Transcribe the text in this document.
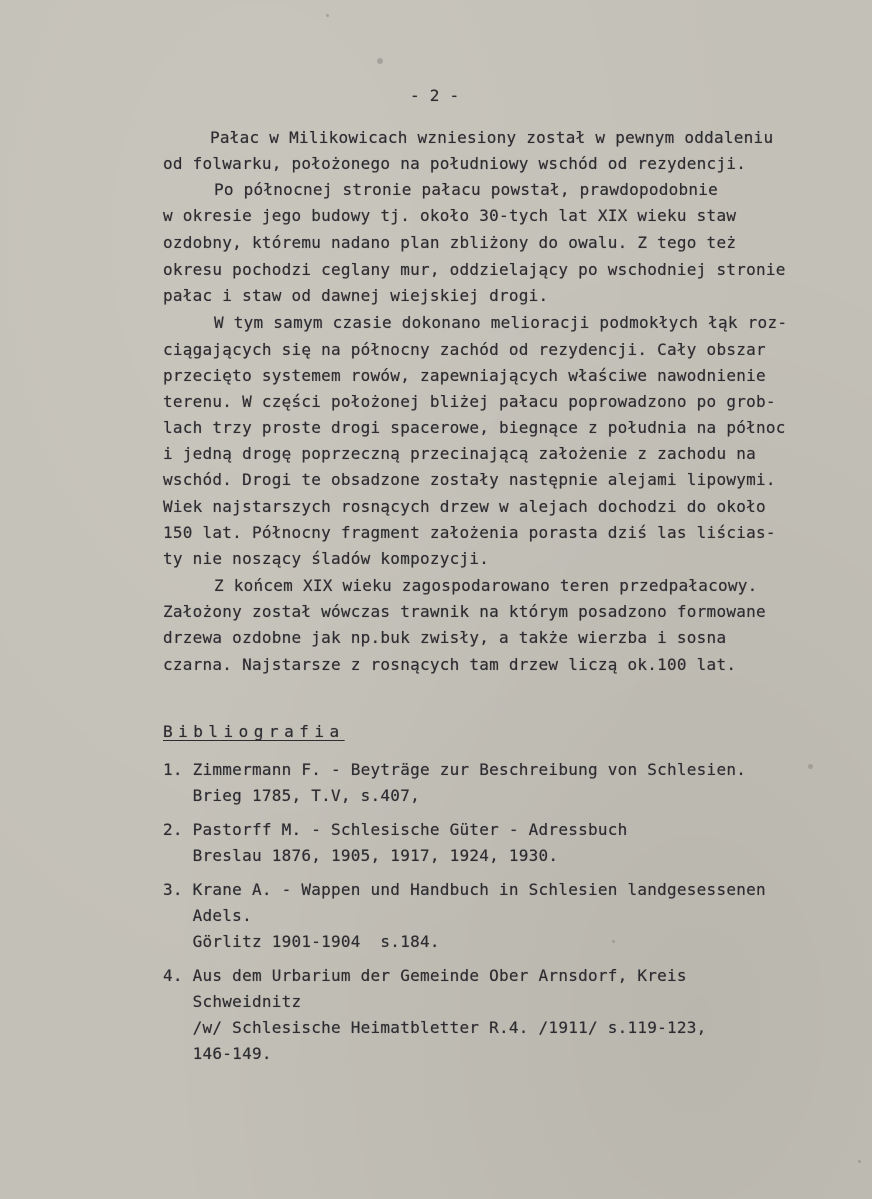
- 2 -
Pałac w Milikowicach wzniesiony został w pewnym oddaleniu
od folwarku, położonego na południowy wschód od rezydencji.
Po północnej stronie pałacu powstał, prawdopodobnie
w okresie jego budowy tj. około 30-tych lat XIX wieku staw
ozdobny, któremu nadano plan zbliżony do owalu. Z tego też
okresu pochodzi ceglany mur, oddzielający po wschodniej stronie
pałac i staw od dawnej wiejskiej drogi.
W tym samym czasie dokonano melioracji podmokłych łąk roz-
ciągających się na północny zachód od rezydencji. Cały obszar
przecięto systemem rowów, zapewniających właściwe nawodnienie
terenu. W części położonej bliżej pałacu poprowadzono po grob-
lach trzy proste drogi spacerowe, biegnące z południa na północ
i jedną drogę poprzeczną przecinającą założenie z zachodu na
wschód. Drogi te obsadzone zostały następnie alejami lipowymi.
Wiek najstarszych rosnących drzew w alejach dochodzi do około
150 lat. Północny fragment założenia porasta dziś las liścias-
ty nie noszący śladów kompozycji.
Z końcem XIX wieku zagospodarowano teren przedpałacowy.
Założony został wówczas trawnik na którym posadzono formowane
drzewa ozdobne jak np.buk zwisły, a także wierzba i sosna
czarna. Najstarsze z rosnących tam drzew liczą ok.100 lat.
Bibliografia
1. Zimmermann F. - Beyträge zur Beschreibung von Schlesien.
Brieg 1785, T.V, s.407,
2. Pastorff M. - Schlesische Güter - Adressbuch
Breslau 1876, 1905, 1917, 1924, 1930.
3. Krane A. - Wappen und Handbuch in Schlesien landgesessenen
Adels.
Görlitz 1901-1904  s.184.
4. Aus dem Urbarium der Gemeinde Ober Arnsdorf, Kreis
Schweidnitz
/w/ Schlesische Heimatbletter R.4. /1911/ s.119-123,
146-149.
